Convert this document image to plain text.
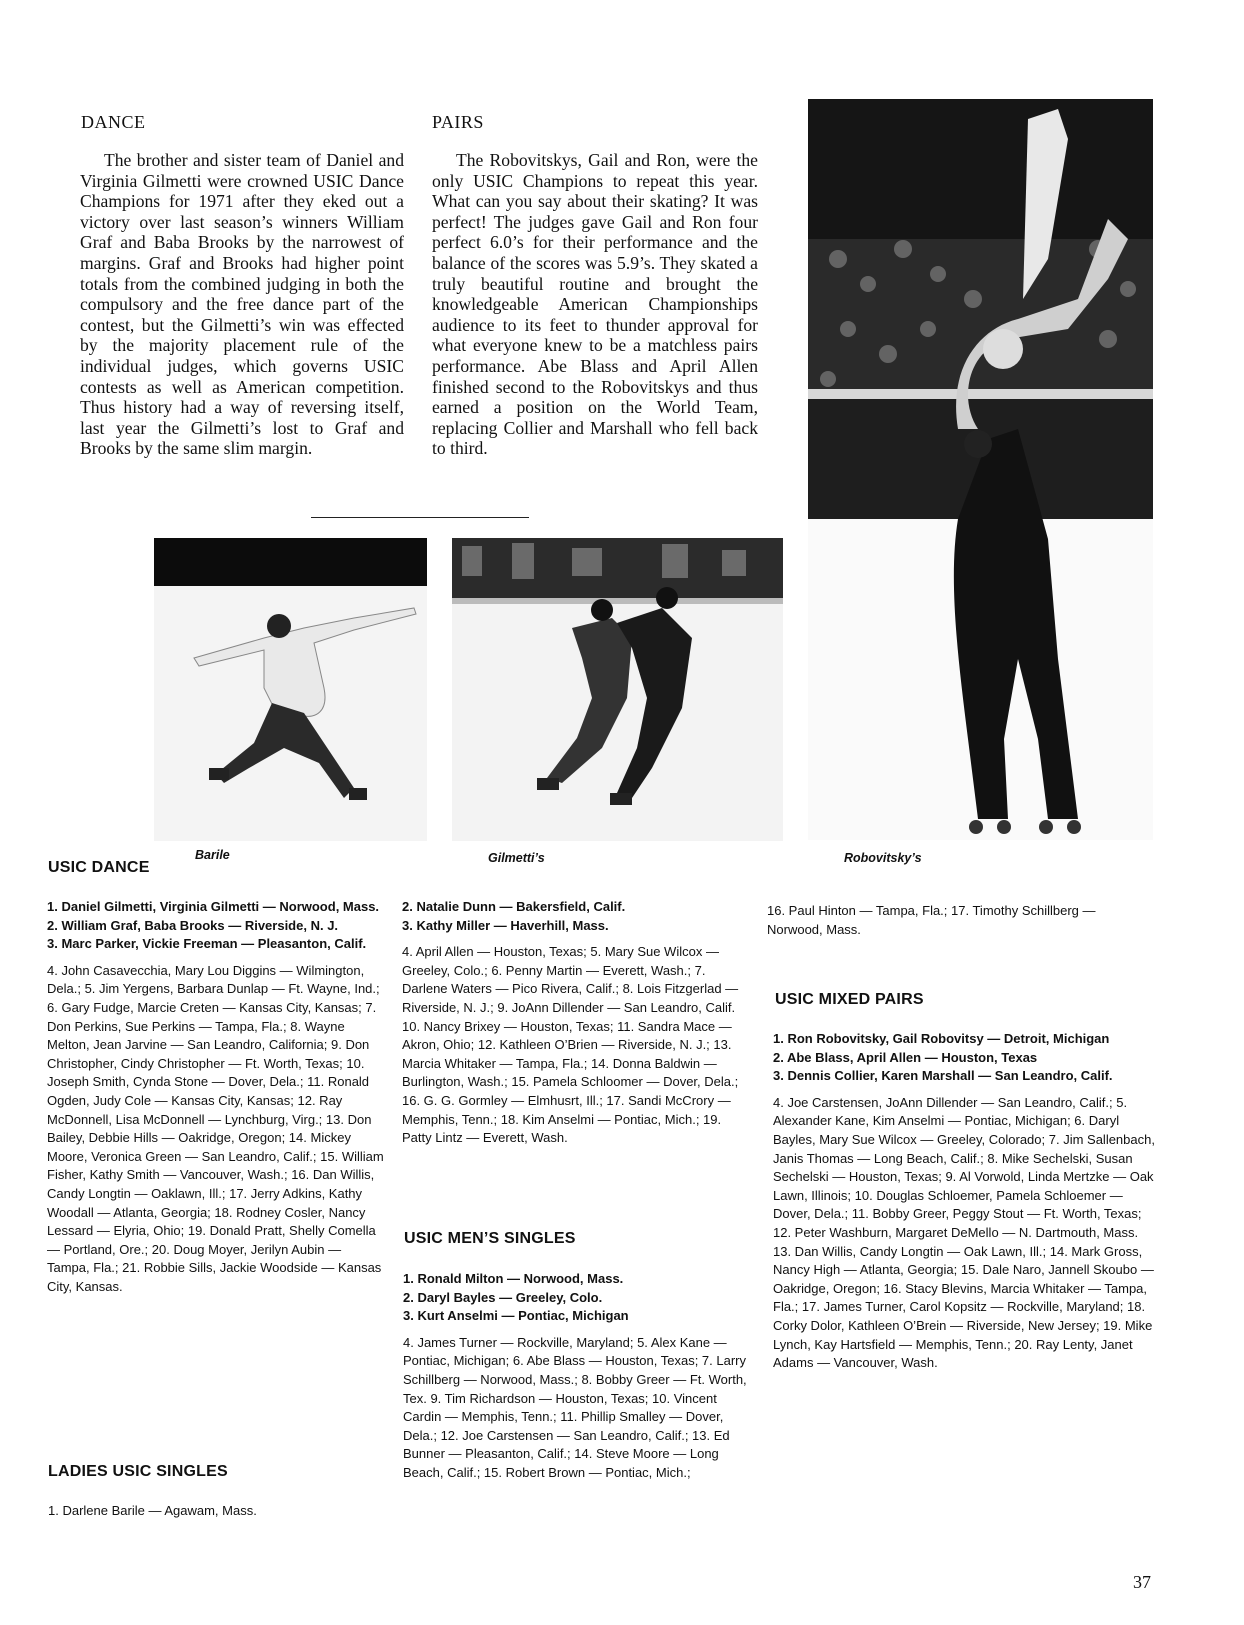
DANCE

The brother and sister team of Daniel and Virginia Gilmetti were crowned USIC Dance Champions for 1971 after they eked out a victory over last season’s winners William Graf and Baba Brooks by the narrowest of margins. Graf and Brooks had higher point totals from the combined judging in both the compulsory and the free dance part of the contest, but the Gilmetti’s win was effected by the majority placement rule of the individual judges, which governs USIC contests as well as American competition. Thus history had a way of reversing itself, last year the Gilmetti’s lost to Graf and Brooks by the same slim margin.

PAIRS

The Robovitskys, Gail and Ron, were the only USIC Champions to repeat this year. What can you say about their skating? It was perfect! The judges gave Gail and Ron four perfect 6.0’s for their performance and the balance of the scores was 5.9’s. They skated a truly beautiful routine and brought the knowledgeable American Championships audience to its feet to thunder approval for what everyone knew to be a matchless pairs performance. Abe Blass and April Allen finished second to the Robovitskys and thus earned a position on the World Team, replacing Collier and Marshall who fell back to third.

Barile	Gilmetti’s	Robovitsky’s
USIC DANCE
1. Daniel Gilmetti, Virginia Gilmetti — Norwood, Mass.
2. William Graf, Baba Brooks — Riverside, N. J.
3. Marc Parker, Vickie Freeman — Pleasanton, Calif.
4. John Casavecchia, Mary Lou Diggins — Wilmington, Dela.; 5. Jim Yergens, Barbara Dunlap — Ft. Wayne, Ind.; 6. Gary Fudge, Marcie Creten — Kansas City, Kansas; 7. Don Perkins, Sue Perkins — Tampa, Fla.; 8. Wayne Melton, Jean Jarvine — San Leandro, California; 9. Don Christopher, Cindy Christopher — Ft. Worth, Texas; 10. Joseph Smith, Cynda Stone — Dover, Dela.; 11. Ronald Ogden, Judy Cole — Kansas City, Kansas; 12. Ray McDonnell, Lisa McDonnell — Lynchburg, Virg.; 13. Don Bailey, Debbie Hills — Oakridge, Oregon; 14. Mickey Moore, Veronica Green — San Leandro, Calif.; 15. William Fisher, Kathy Smith — Vancouver, Wash.; 16. Dan Willis, Candy Longtin — Oaklawn, Ill.; 17. Jerry Adkins, Kathy Woodall — Atlanta, Georgia; 18. Rodney Cosler, Nancy Lessard — Elyria, Ohio; 19. Donald Pratt, Shelly Comella — Portland, Ore.; 20. Doug Moyer, Jerilyn Aubin — Tampa, Fla.; 21. Robbie Sills, Jackie Woodside — Kansas City, Kansas.
LADIES USIC SINGLES
1. Darlene Barile — Agawam, Mass.
2. Natalie Dunn — Bakersfield, Calif.
3. Kathy Miller — Haverhill, Mass.
4. April Allen — Houston, Texas; 5. Mary Sue Wilcox — Greeley, Colo.; 6. Penny Martin — Everett, Wash.; 7. Darlene Waters — Pico Rivera, Calif.; 8. Lois Fitzgerlad — Riverside, N. J.; 9. JoAnn Dillender — San Leandro, Calif. 10. Nancy Brixey — Houston, Texas; 11. Sandra Mace — Akron, Ohio; 12. Kathleen O’Brien — Riverside, N. J.; 13. Marcia Whitaker — Tampa, Fla.; 14. Donna Baldwin — Burlington, Wash.; 15. Pamela Schloomer — Dover, Dela.; 16. G. G. Gormley — Elmhusrt, Ill.; 17. Sandi McCrory — Memphis, Tenn.; 18. Kim Anselmi — Pontiac, Mich.; 19. Patty Lintz — Everett, Wash.
USIC MEN’S SINGLES
1. Ronald Milton — Norwood, Mass.
2. Daryl Bayles — Greeley, Colo.
3. Kurt Anselmi — Pontiac, Michigan
4. James Turner — Rockville, Maryland; 5. Alex Kane — Pontiac, Michigan; 6. Abe Blass — Houston, Texas; 7. Larry Schillberg — Norwood, Mass.; 8. Bobby Greer — Ft. Worth, Tex. 9. Tim Richardson — Houston, Texas; 10. Vincent Cardin — Memphis, Tenn.; 11. Phillip Smalley — Dover, Dela.; 12. Joe Carstensen — San Leandro, Calif.; 13. Ed Bunner — Pleasanton, Calif.; 14. Steve Moore — Long Beach, Calif.; 15. Robert Brown — Pontiac, Mich.;
16. Paul Hinton — Tampa, Fla.; 17. Timothy Schillberg — Norwood, Mass.
USIC MIXED PAIRS
1. Ron Robovitsky, Gail Robovitsy — Detroit, Michigan
2. Abe Blass, April Allen — Houston, Texas
3. Dennis Collier, Karen Marshall — San Leandro, Calif.
4. Joe Carstensen, JoAnn Dillender — San Leandro, Calif.; 5. Alexander Kane, Kim Anselmi — Pontiac, Michigan; 6. Daryl Bayles, Mary Sue Wilcox — Greeley, Colorado; 7. Jim Sallenbach, Janis Thomas — Long Beach, Calif.; 8. Mike Sechelski, Susan Sechelski — Houston, Texas; 9. Al Vorwold, Linda Mertzke — Oak Lawn, Illinois; 10. Douglas Schloemer, Pamela Schloemer — Dover, Dela.; 11. Bobby Greer, Peggy Stout — Ft. Worth, Texas; 12. Peter Washburn, Margaret DeMello — N. Dartmouth, Mass. 13. Dan Willis, Candy Longtin — Oak Lawn, Ill.; 14. Mark Gross, Nancy High — Atlanta, Georgia; 15. Dale Naro, Jannell Skoubo — Oakridge, Oregon; 16. Stacy Blevins, Marcia Whitaker — Tampa, Fla.; 17. James Turner, Carol Kopsitz — Rockville, Maryland; 18. Corky Dolor, Kathleen O’Brein — Riverside, New Jersey; 19. Mike Lynch, Kay Hartsfield — Memphis, Tenn.; 20. Ray Lenty, Janet Adams — Vancouver, Wash.
37
